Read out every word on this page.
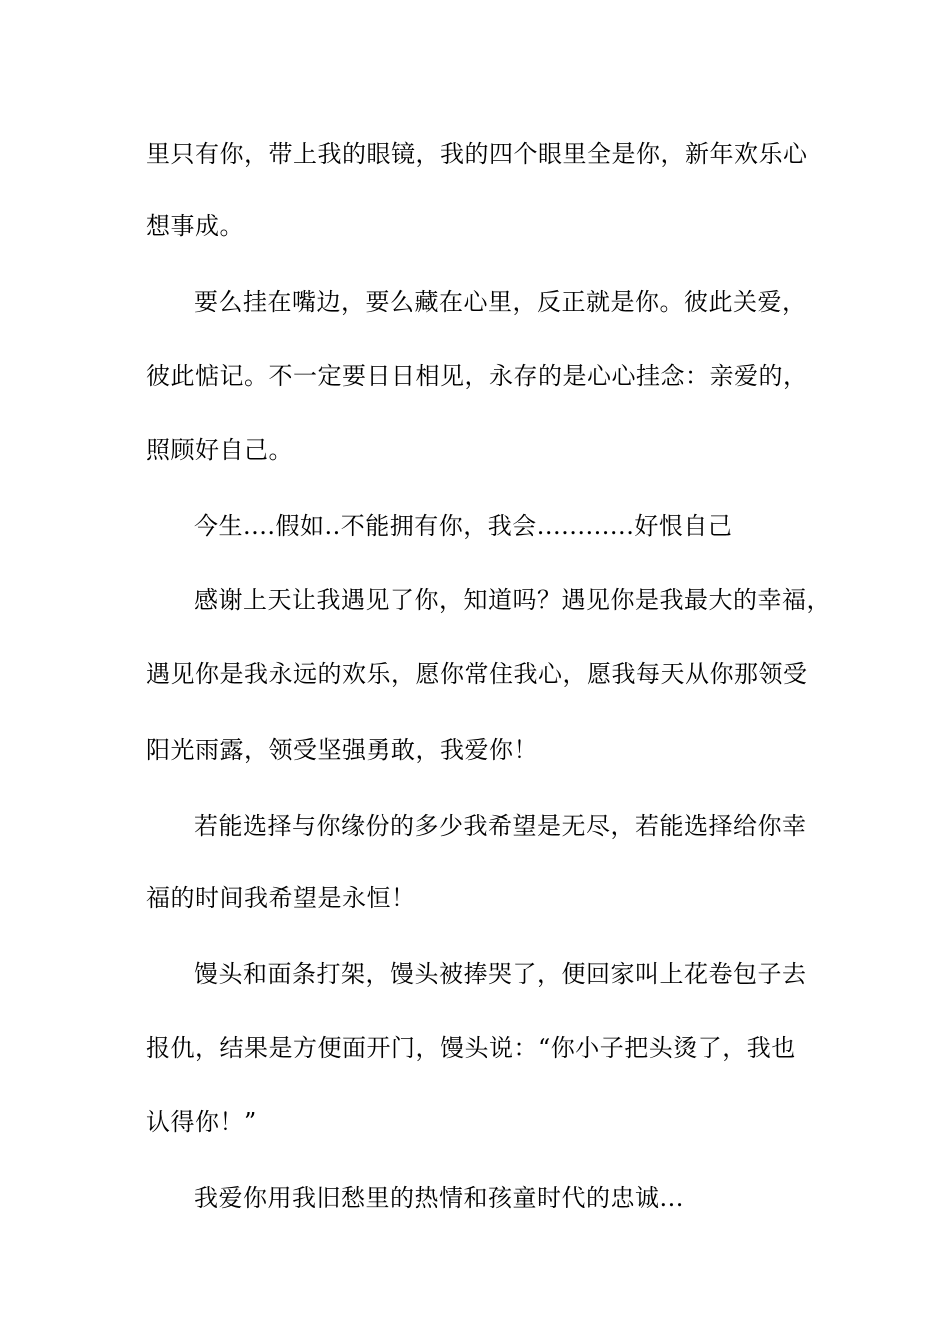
里只有你，带上我的眼镜，我的四个眼里全是你，新年欢乐心
想事成。
要么挂在嘴边，要么藏在心里，反正就是你。彼此关爱，
彼此惦记。不一定要日日相见，永存的是心心挂念：亲爱的，
照顾好自己。
今生....假如..不能拥有你，我会............好恨自己
感谢上天让我遇见了你，知道吗？遇见你是我最大的幸福，
遇见你是我永远的欢乐，愿你常住我心，愿我每天从你那领受
阳光雨露，领受坚强勇敢，我爱你！
若能选择与你缘份的多少我希望是无尽，若能选择给你幸
福的时间我希望是永恒！
馒头和面条打架，馒头被捧哭了，便回家叫上花卷包子去
报仇，结果是方便面开门，馒头说：“你小子把头烫了，我也
认得你！”
我爱你用我旧愁里的热情和孩童时代的忠诚...
